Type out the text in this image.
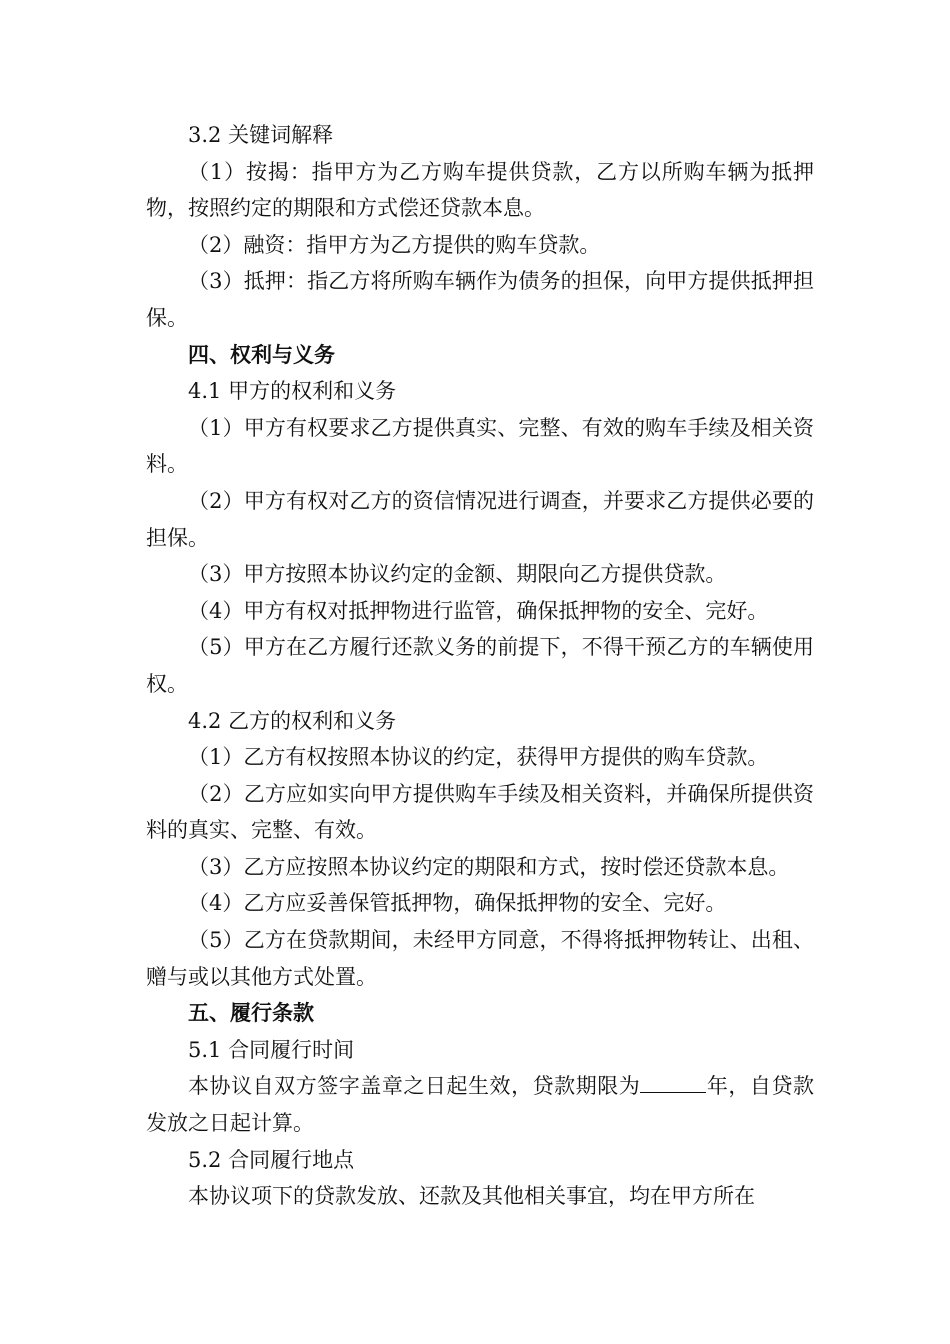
3.2 关键词解释

（1）按揭：指甲方为乙方购车提供贷款，乙方以所购车辆为抵押物，按照约定的期限和方式偿还贷款本息。

（2）融资：指甲方为乙方提供的购车贷款。

（3）抵押：指乙方将所购车辆作为债务的担保，向甲方提供抵押担保。

四、权利与义务

4.1 甲方的权利和义务

（1）甲方有权要求乙方提供真实、完整、有效的购车手续及相关资料。

（2）甲方有权对乙方的资信情况进行调查，并要求乙方提供必要的担保。

（3）甲方按照本协议约定的金额、期限向乙方提供贷款。

（4）甲方有权对抵押物进行监管，确保抵押物的安全、完好。

（5）甲方在乙方履行还款义务的前提下，不得干预乙方的车辆使用权。

4.2 乙方的权利和义务

（1）乙方有权按照本协议的约定，获得甲方提供的购车贷款。

（2）乙方应如实向甲方提供购车手续及相关资料，并确保所提供资料的真实、完整、有效。

（3）乙方应按照本协议约定的期限和方式，按时偿还贷款本息。

（4）乙方应妥善保管抵押物，确保抵押物的安全、完好。

（5）乙方在贷款期间，未经甲方同意，不得将抵押物转让、出租、赠与或以其他方式处置。

五、履行条款

5.1 合同履行时间

本协议自双方签字盖章之日起生效，贷款期限为	年，自贷款发放之日起计算。

5.2 合同履行地点

本协议项下的贷款发放、还款及其他相关事宜，均在甲方所在
